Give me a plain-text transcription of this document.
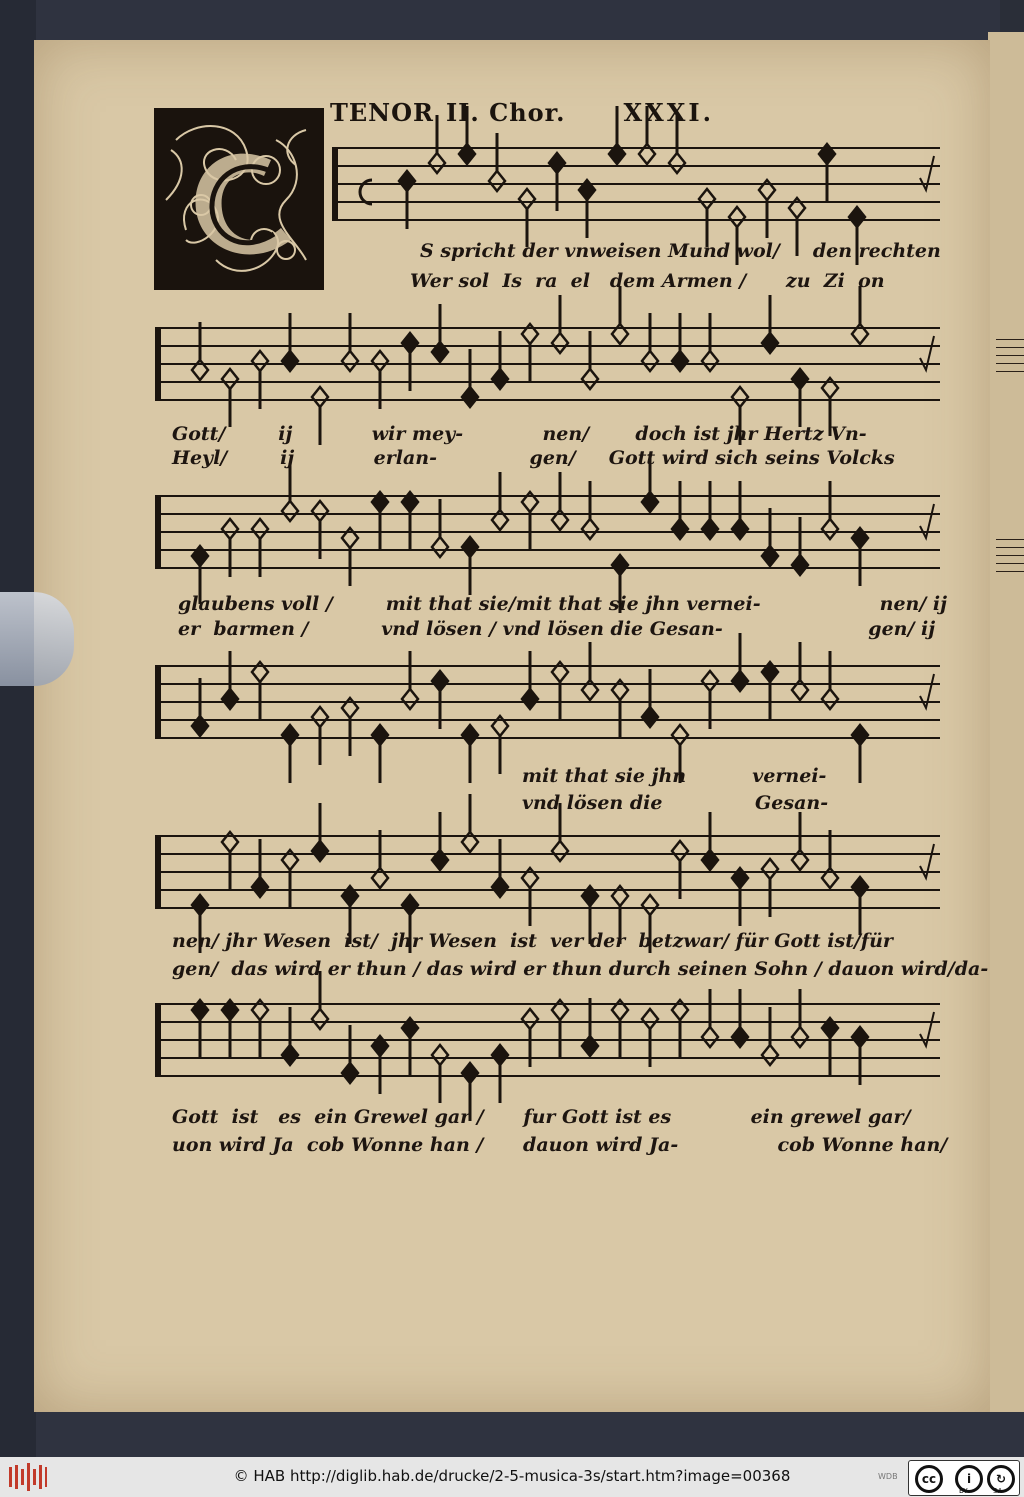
TENOR II. Chor. XXXI.
S spricht der vnweisen Mund wol/     den rechten
Wer sol  Is  ra  el   dem Armen /      zu  Zi  on
Gott/        ij            wir mey-            nen/       doch ist jhr Hertz Vn-
Heyl/        ij            erlan-              gen/     Gott wird sich seins Volcks
glaubens voll /        mit that sie/mit that sie jhn vernei-                  nen/ ij
er  barmen /           vnd lösen / vnd lösen die Gesan-                      gen/ ij
mit that sie jhn          vernei-
vnd lösen die              Gesan-
nen/ jhr Wesen  ist/  jhr Wesen  ist  ver der  betzwar/ für Gott ist/für
gen/  das wird er thun / das wird er thun durch seinen Sohn / dauon wird/da-
Gott  ist   es  ein Grewel gar /      fur Gott ist es            ein grewel gar/
uon wird Ja  cob Wonne han /      dauon wird Ja-               cob Wonne han/
© HAB http://diglib.hab.de/drucke/2-5-musica-3s/start.htm?image=00368	WDB	cc	i	↻
BY	SA
